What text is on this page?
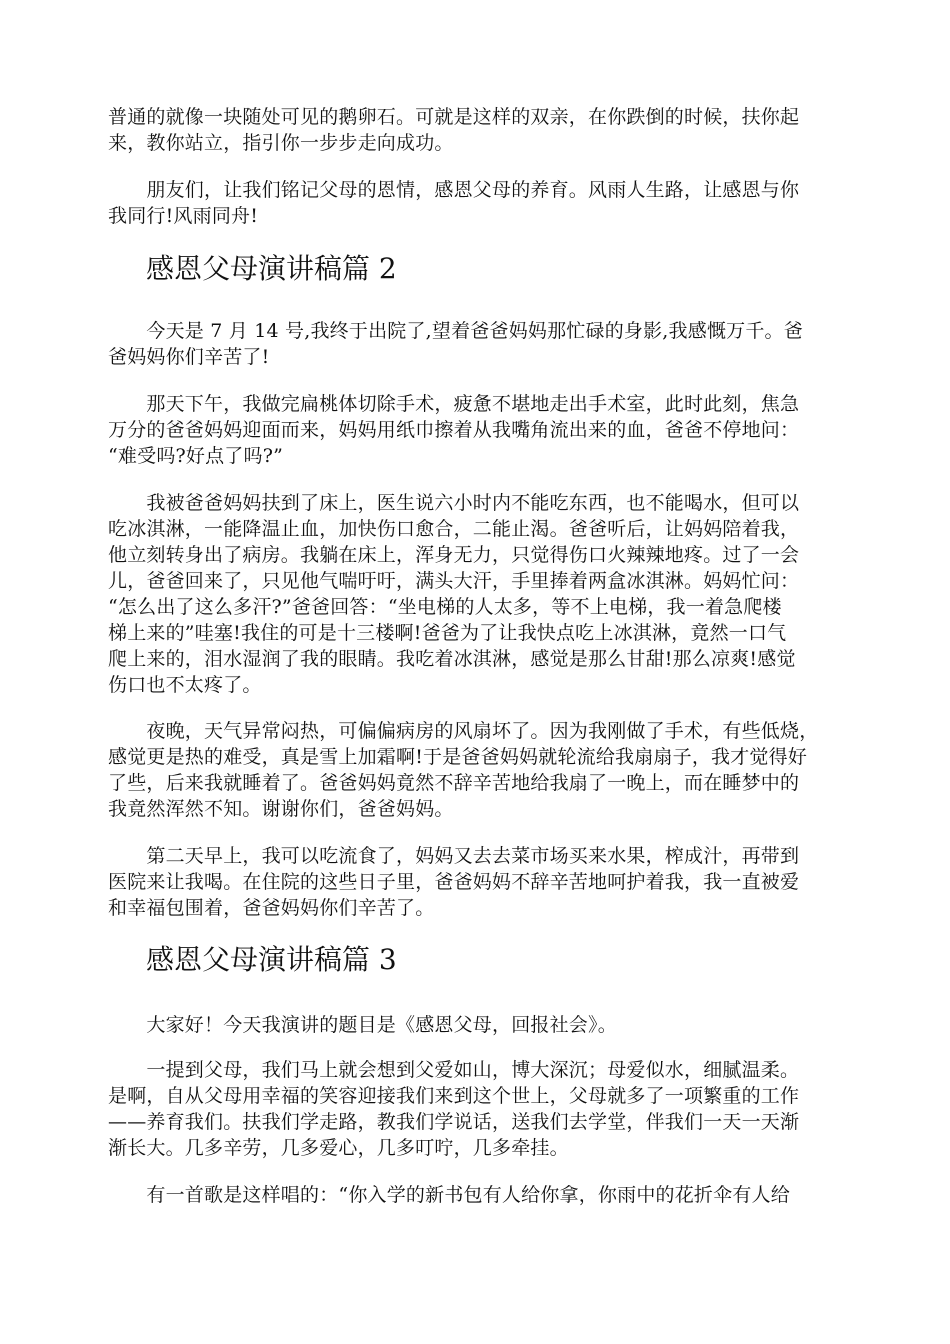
普通的就像一块随处可见的鹅卵石。可就是这样的双亲，在你跌倒的时候，扶你起
来，教你站立，指引你一步步走向成功。
　　朋友们，让我们铭记父母的恩情，感恩父母的养育。风雨人生路，让感恩与你
我同行!风雨同舟!
感恩父母演讲稿篇 2
　　今天是 7 月 14 号,我终于出院了,望着爸爸妈妈那忙碌的身影,我感慨万千。爸
爸妈妈你们辛苦了!
　　那天下午，我做完扁桃体切除手术，疲惫不堪地走出手术室，此时此刻，焦急
万分的爸爸妈妈迎面而来，妈妈用纸巾擦着从我嘴角流出来的血，爸爸不停地问：
“难受吗?好点了吗?”
　　我被爸爸妈妈扶到了床上，医生说六小时内不能吃东西，也不能喝水，但可以
吃冰淇淋，一能降温止血，加快伤口愈合，二能止渴。爸爸听后，让妈妈陪着我，
他立刻转身出了病房。我躺在床上，浑身无力，只觉得伤口火辣辣地疼。过了一会
儿，爸爸回来了，只见他气喘吁吁，满头大汗，手里捧着两盒冰淇淋。妈妈忙问：
“怎么出了这么多汗?”爸爸回答：“坐电梯的人太多，等不上电梯，我一着急爬楼
梯上来的”哇塞!我住的可是十三楼啊!爸爸为了让我快点吃上冰淇淋，竟然一口气
爬上来的，泪水湿润了我的眼睛。我吃着冰淇淋，感觉是那么甘甜!那么凉爽!感觉
伤口也不太疼了。
　　夜晚，天气异常闷热，可偏偏病房的风扇坏了。因为我刚做了手术，有些低烧，
感觉更是热的难受，真是雪上加霜啊!于是爸爸妈妈就轮流给我扇扇子，我才觉得好
了些，后来我就睡着了。爸爸妈妈竟然不辞辛苦地给我扇了一晚上，而在睡梦中的
我竟然浑然不知。谢谢你们，爸爸妈妈。
　　第二天早上，我可以吃流食了，妈妈又去去菜市场买来水果，榨成汁，再带到
医院来让我喝。在住院的这些日子里，爸爸妈妈不辞辛苦地呵护着我，我一直被爱
和幸福包围着，爸爸妈妈你们辛苦了。
感恩父母演讲稿篇 3
　　大家好！今天我演讲的题目是《感恩父母，回报社会》。
　　一提到父母，我们马上就会想到父爱如山，博大深沉；母爱似水，细腻温柔。
是啊，自从父母用幸福的笑容迎接我们来到这个世上，父母就多了一项繁重的工作
——养育我们。扶我们学走路，教我们学说话，送我们去学堂，伴我们一天一天渐
渐长大。几多辛劳，几多爱心，几多叮咛，几多牵挂。
　　有一首歌是这样唱的：“你入学的新书包有人给你拿，你雨中的花折伞有人给
